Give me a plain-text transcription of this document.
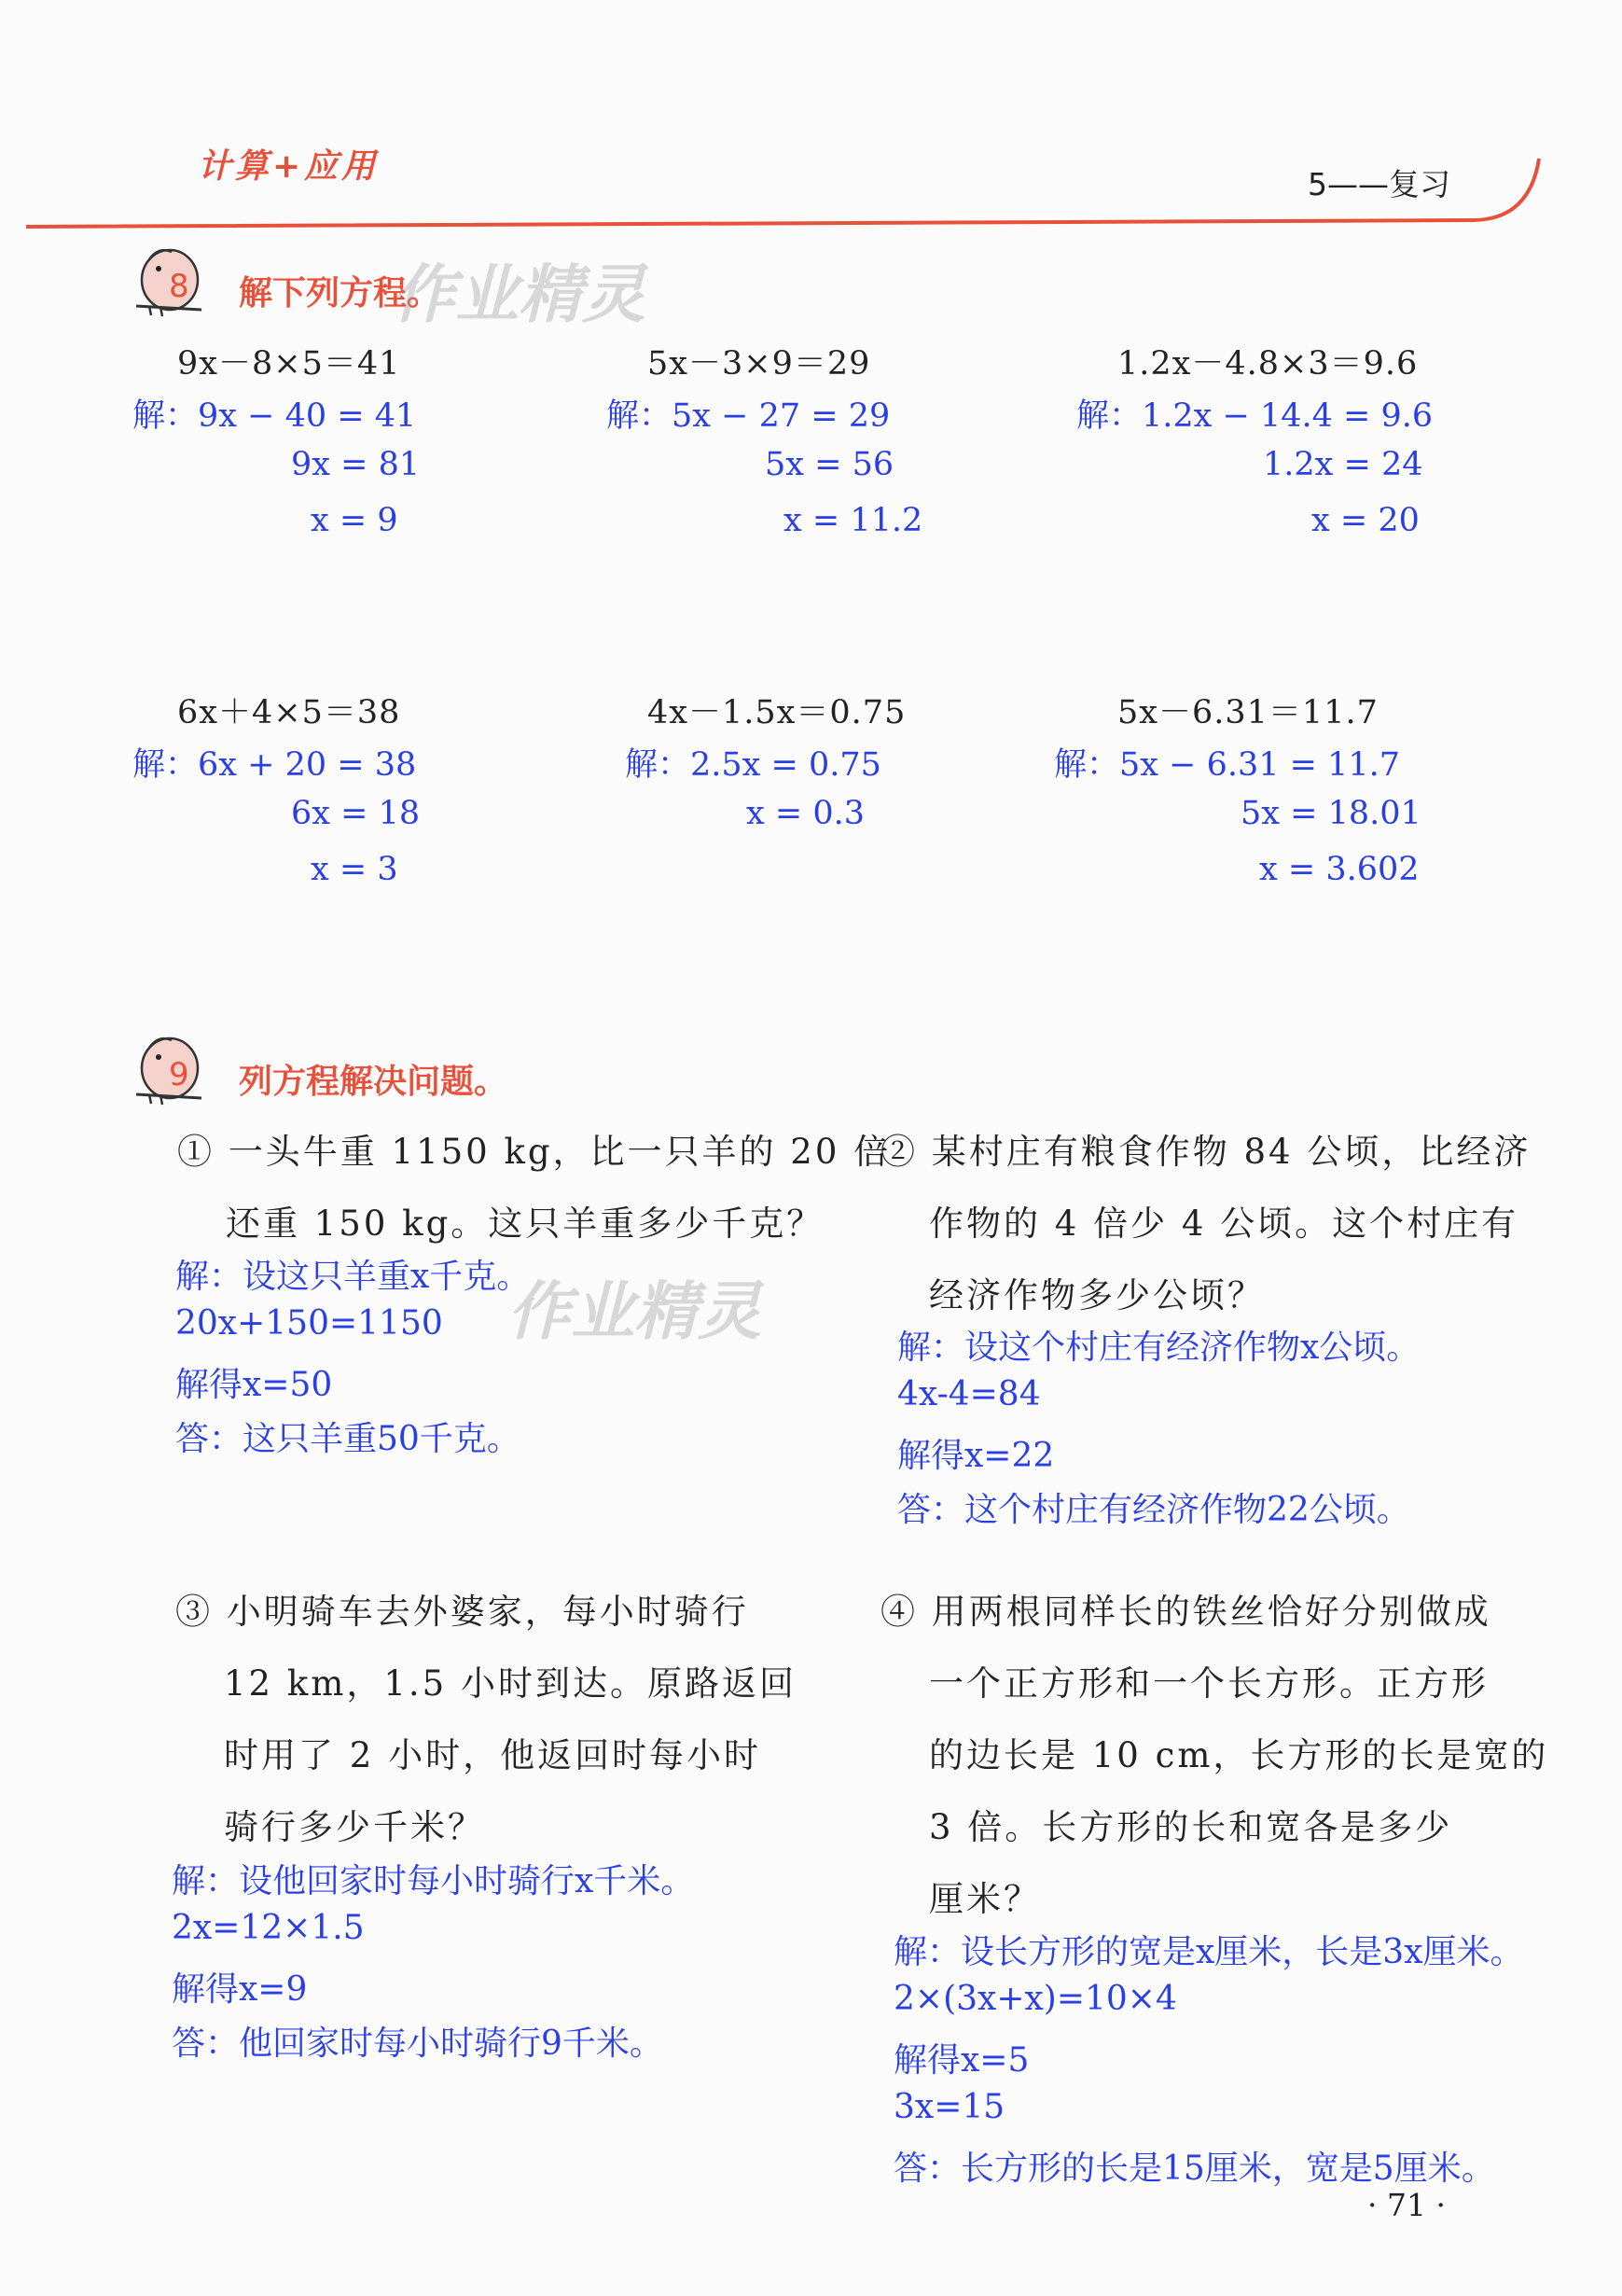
计算+应用	5——复习
8 解下列方程。
作业精灵
9x－8×5＝41
解：9x − 40 = 41
9x = 81
x = 9
5x－3×9＝29
解：5x − 27 = 29
5x = 56
x = 11.2
1.2x－4.8×3＝9.6
解：1.2x − 14.4 = 9.6
1.2x = 24
x = 20
6x＋4×5＝38
解：6x + 20 = 38
6x = 18
x = 3
4x－1.5x＝0.75
解：2.5x = 0.75
x = 0.3
5x－6.31＝11.7
解：5x − 6.31 = 11.7
5x = 18.01
x = 3.602
9 列方程解决问题。
① 一头牛重 1150 kg，比一只羊的 20 倍
还重 150 kg。这只羊重多少千克？
解：设这只羊重x千克。
20x+150=1150
解得x=50
答：这只羊重50千克。
作业精灵
② 某村庄有粮食作物 84 公顷，比经济
作物的 4 倍少 4 公顷。这个村庄有
经济作物多少公顷？
解：设这个村庄有经济作物x公顷。
4x-4=84
解得x=22
答：这个村庄有经济作物22公顷。
③ 小明骑车去外婆家，每小时骑行
12 km，1.5 小时到达。原路返回
时用了 2 小时，他返回时每小时
骑行多少千米？
解：设他回家时每小时骑行x千米。
2x=12×1.5
解得x=9
答：他回家时每小时骑行9千米。
④ 用两根同样长的铁丝恰好分别做成
一个正方形和一个长方形。正方形
的边长是 10 cm，长方形的长是宽的
3 倍。长方形的长和宽各是多少
厘米？
解：设长方形的宽是x厘米，长是3x厘米。
2×(3x+x)=10×4
解得x=5
3x=15
答：长方形的长是15厘米，宽是5厘米。
· 71 ·
